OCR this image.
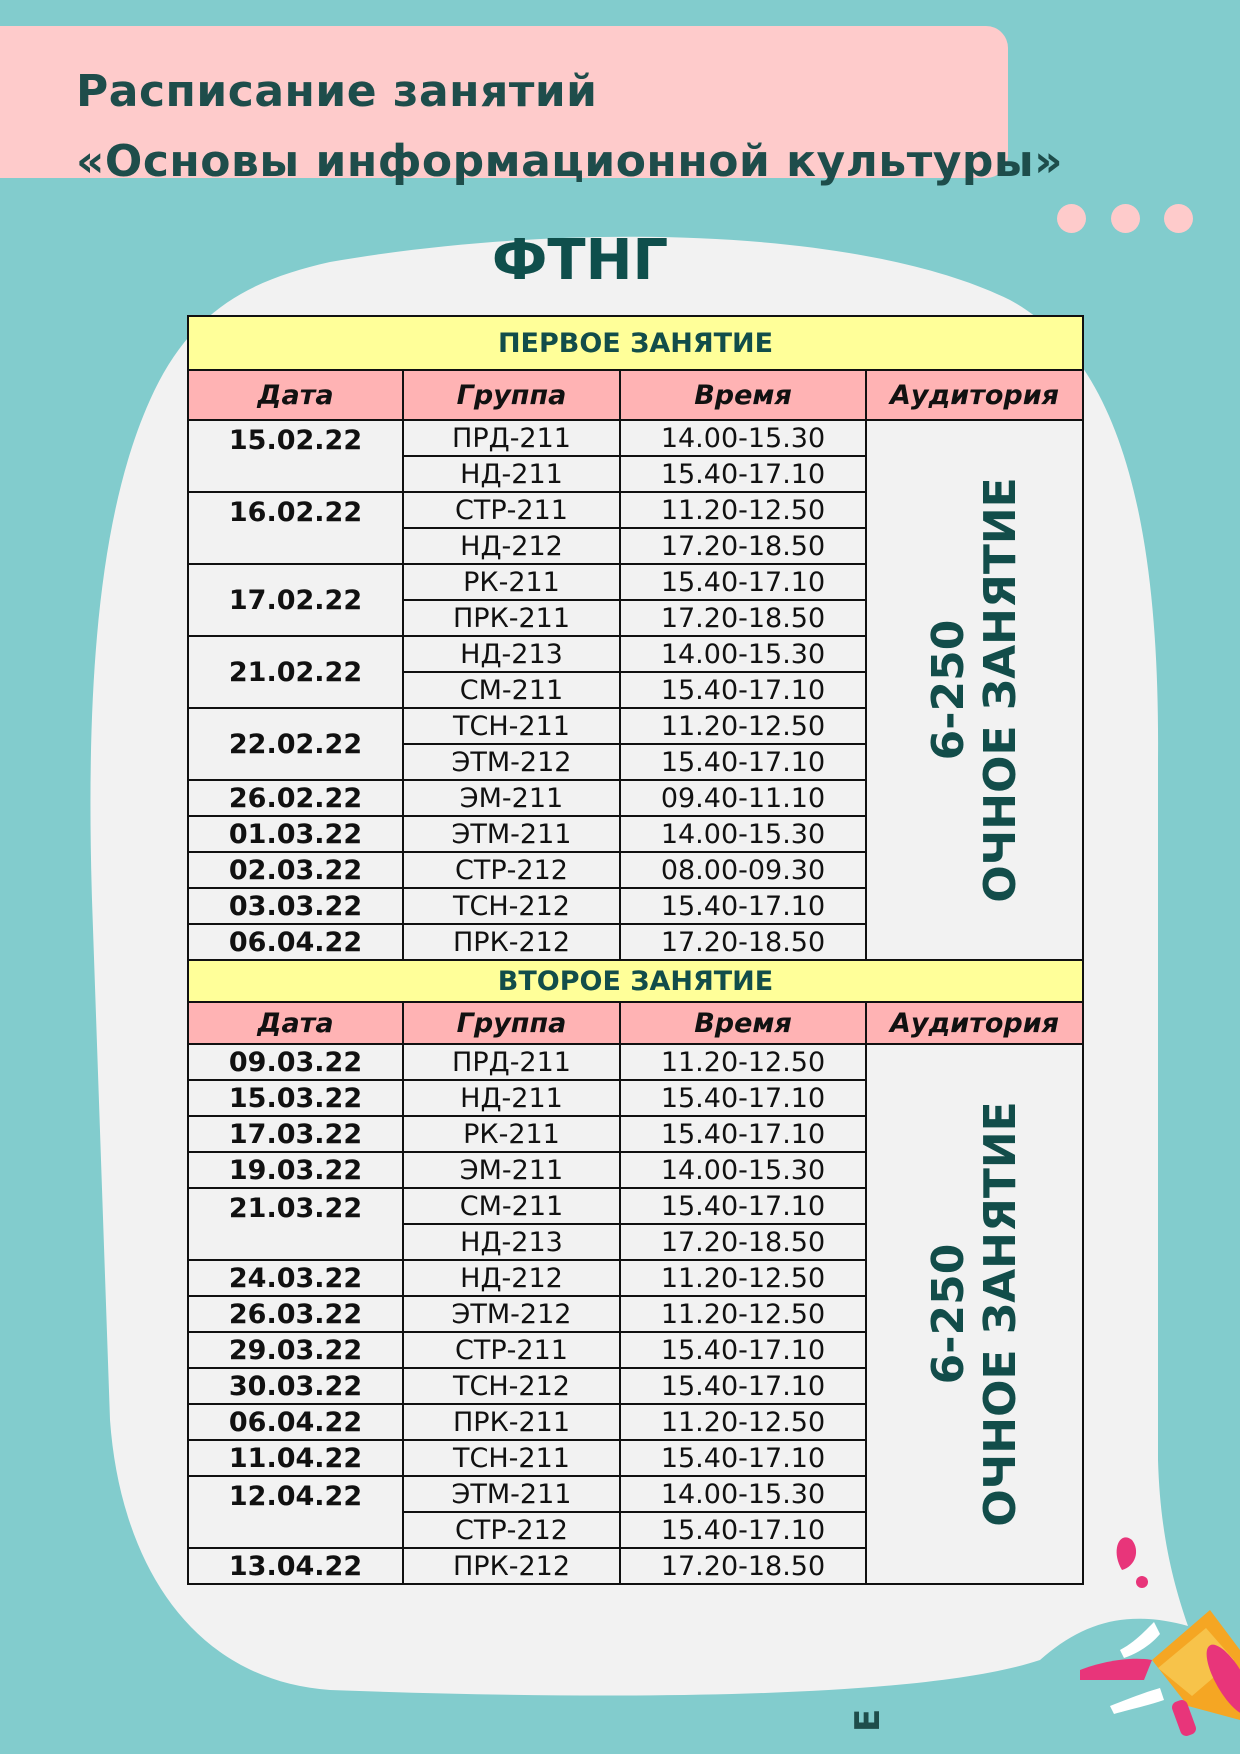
Расписание занятий
«Основы информационной культуры»
ФТНГ
ПЕРВОЕ ЗАНЯТИЕ			
Дата	Группа	Время	Аудитория
15.02.22	ПРД-211	14.00-15.30	6-250 ОЧНОЕ ЗАНЯТИЕ

	НД-211	15.40-17.10	
16.02.22	СТР-211	11.20-12.50	
	НД-212	17.20-18.50	
17.02.22	РК-211	15.40-17.10	
	ПРК-211	17.20-18.50	
21.02.22	НД-213	14.00-15.30	
	СМ-211	15.40-17.10	
22.02.22	ТСН-211	11.20-12.50	
	ЭТМ-212	15.40-17.10	
26.02.22	ЭМ-211	09.40-11.10	
01.03.22	ЭТМ-211	14.00-15.30	
02.03.22	СТР-212	08.00-09.30	
03.03.22	ТСН-212	15.40-17.10	
06.04.22	ПРК-212	17.20-18.50	
ВТОРОЕ ЗАНЯТИЕ			
Дата	Группа	Время	Аудитория
09.03.22	ПРД-211	11.20-12.50	6-250 ОЧНОЕ ЗАНЯТИЕ

15.03.22	НД-211	15.40-17.10	
17.03.22	РК-211	15.40-17.10	
19.03.22	ЭМ-211	14.00-15.30	
21.03.22	СМ-211	15.40-17.10	
	НД-213	17.20-18.50	
24.03.22	НД-212	11.20-12.50	
26.03.22	ЭТМ-212	11.20-12.50	
29.03.22	СТР-211	15.40-17.10	
30.03.22	ТСН-212	15.40-17.10	
06.04.22	ПРК-211	11.20-12.50	
11.04.22	ТСН-211	15.40-17.10	
12.04.22	ЭТМ-211	14.00-15.30	
	СТР-212	15.40-17.10	
13.04.22	ПРК-212	17.20-18.50	
Е
